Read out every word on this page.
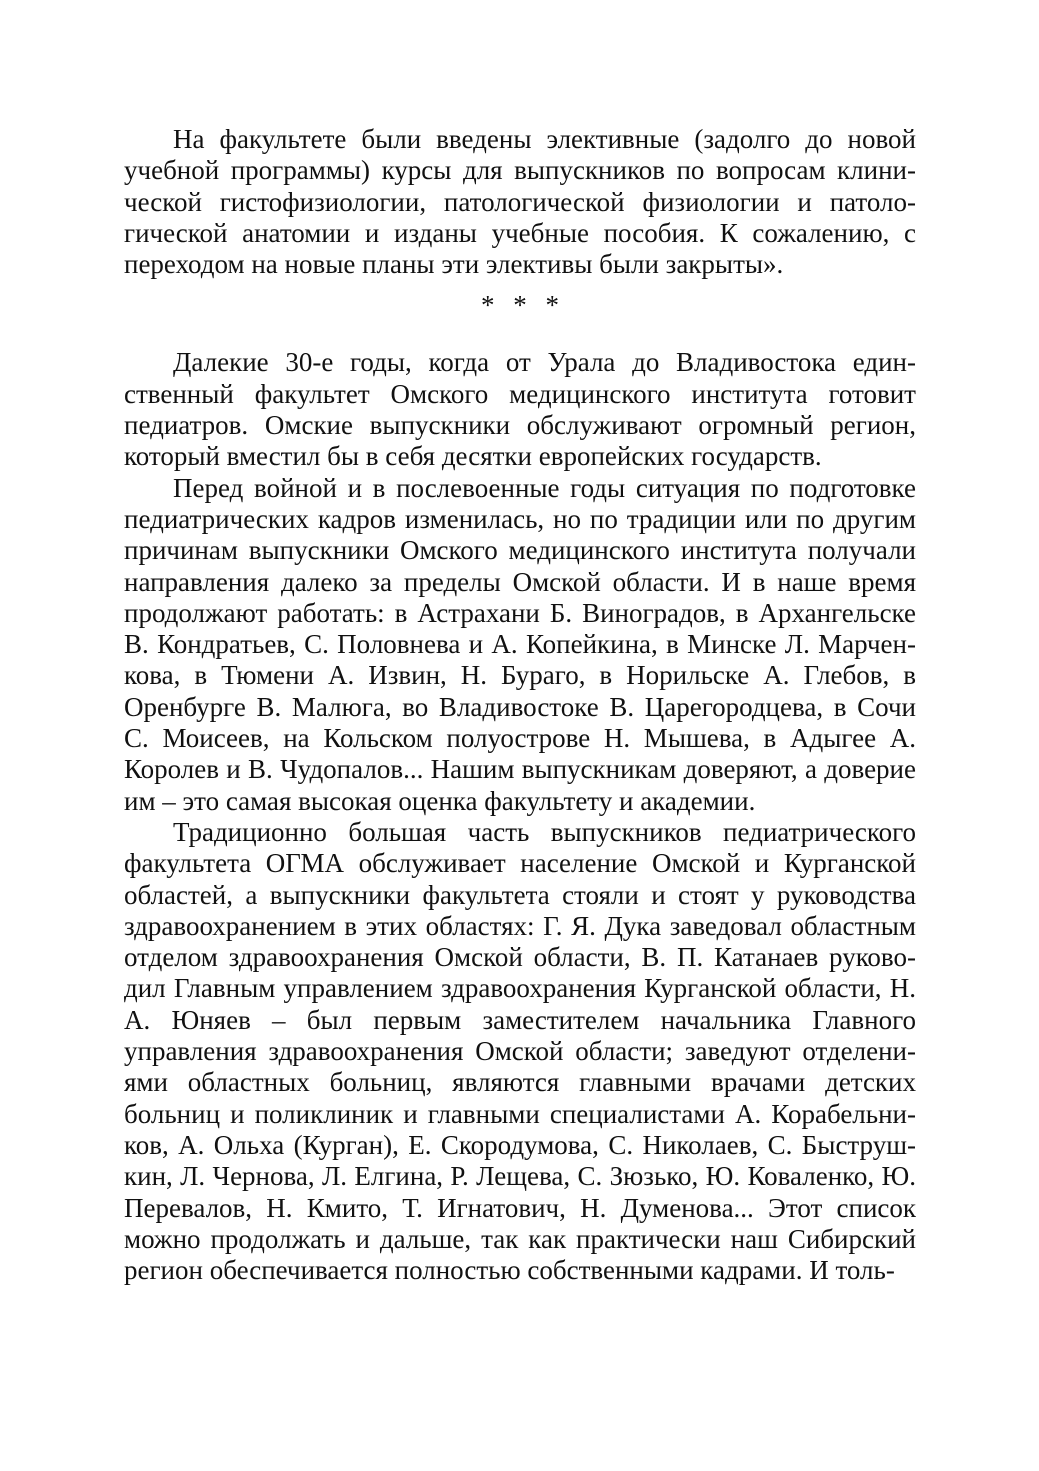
На факультете были введены элективные (задолго до новой учебной программы) курсы для выпускников по вопросам клинической гистофизиологии, патологической физиологии и патологической анатомии и изданы учебные пособия. К сожалению, с переходом на новые планы эти элективы были закрыты».

* * *

Далекие 30-е годы, когда от Урала до Владивостока единственный факультет Омского медицинского института готовит педиатров. Омские выпускники обслуживают огромный регион, который вместил бы в себя десятки европейских государств.

Перед войной и в послевоенные годы ситуация по подготовке педиатрических кадров изменилась, но по традиции или по другим причинам выпускники Омского медицинского института получали направления далеко за пределы Омской области. И в наше время продолжают работать: в Астрахани Б. Виноградов, в Архангельске В. Кондратьев, С. Половнева и А. Копейкина, в Минске Л. Марченкова, в Тюмени А. Извин, Н. Бураго, в Норильске А. Глебов, в Оренбурге В. Малюга, во Владивостоке В. Царегородцева, в Сочи С. Моисеев, на Кольском полуострове Н. Мышева, в Адыгее А. Королев и В. Чудопалов... Нашим выпускникам доверяют, а доверие им – это самая высокая оценка факультету и академии.

Традиционно большая часть выпускников педиатрического факультета ОГМА обслуживает население Омской и Курганской областей, а выпускники факультета стояли и стоят у руководства здравоохранением в этих областях: Г. Я. Дука заведовал областным отделом здравоохранения Омской области, В. П. Катанаев руководил Главным управлением здравоохранения Курганской области, Н. А. Юняев – был первым заместителем начальника Главного управления здравоохранения Омской области; заведуют отделениями областных больниц, являются главными врачами детских больниц и поликлиник и главными специалистами А. Корабельников, А. Ольха (Курган), Е. Скородумова, С. Николаев, С. Быструшкин, Л. Чернова, Л. Елгина, Р. Лещева, С. Зюзько, Ю. Коваленко, Ю. Перевалов, Н. Кмито, Т. Игнатович, Н. Думенова... Этот список можно продолжать и дальше, так как практически наш Сибирский регион обеспечивается полностью собственными кадрами. И толь-
